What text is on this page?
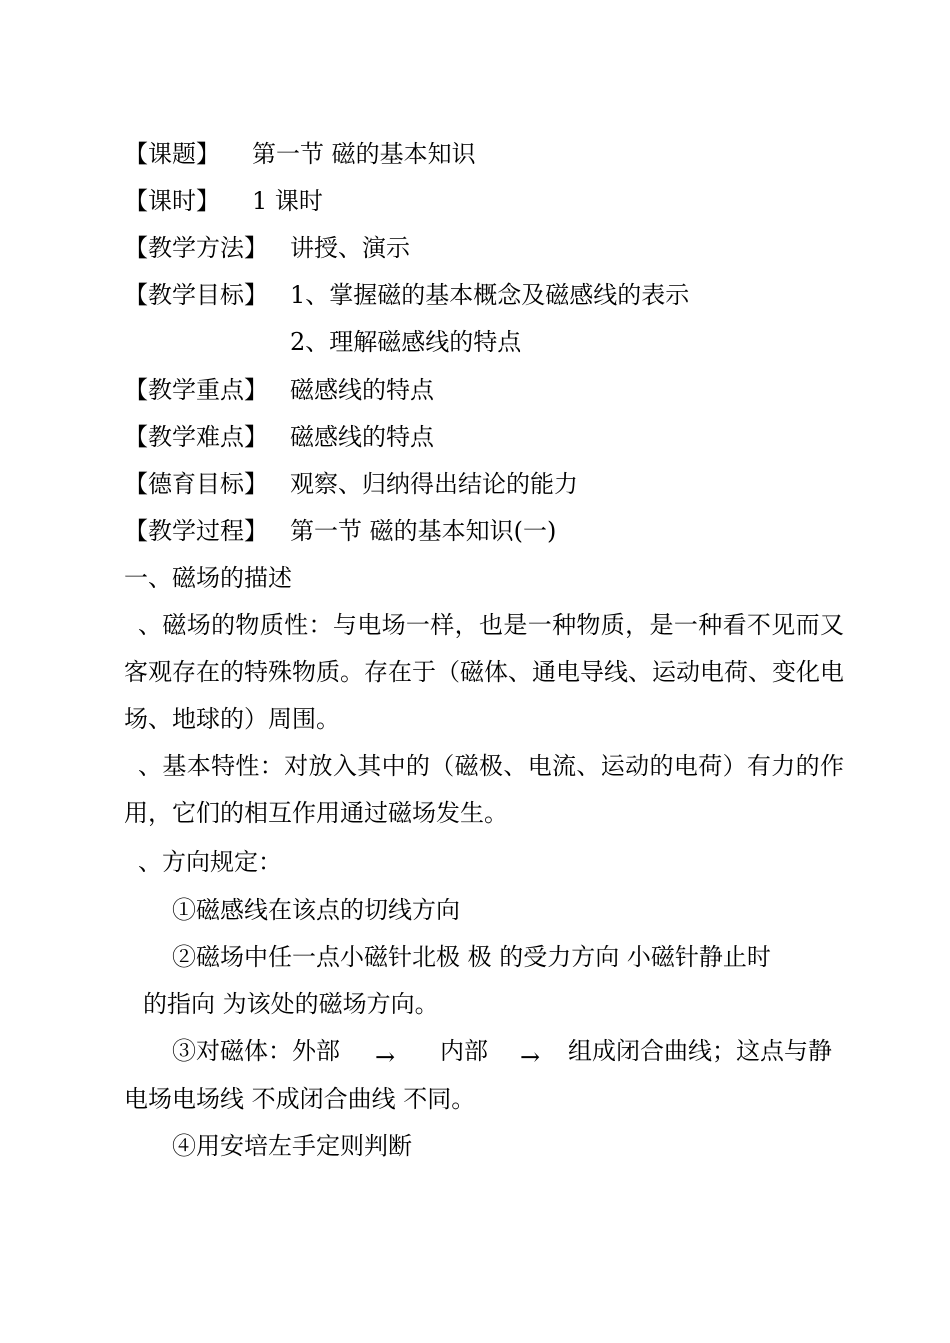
【课题】 第一节 磁的基本知识
【课时】 1 课时
【教学方法】 讲授、演示
【教学目标】 1、掌握磁的基本概念及磁感线的表示
2、理解磁感线的特点
【教学重点】 磁感线的特点
【教学难点】 磁感线的特点
【德育目标】 观察、归纳得出结论的能力
【教学过程】 第一节 磁的基本知识(一)
一、磁场的描述

、磁场的物质性：与电场一样，也是一种物质，是一种看不见而又客观存在的特殊物质。存在于（磁体、通电导线、运动电荷、变化电场、地球的）周围。

、基本特性：对放入其中的（磁极、电流、运动的电荷）有力的作用，它们的相互作用通过磁场发生。

、方向规定：
①磁感线在该点的切线方向
②磁场中任一点小磁针北极 极 的受力方向 小磁针静止时
的指向 为该处的磁场方向。
③对磁体：外部 → 内部 → 组成闭合曲线；这点与静
电场电场线 不成闭合曲线 不同。
④用安培左手定则判断
